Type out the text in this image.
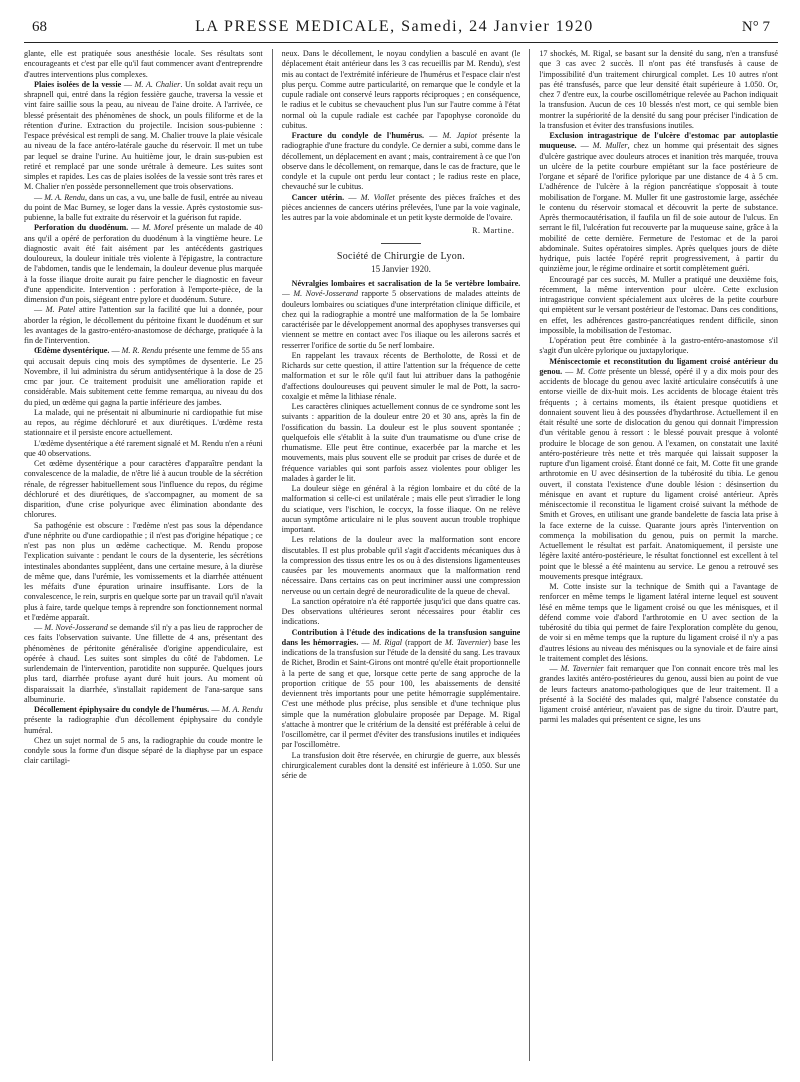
68	LA PRESSE MEDICALE, Samedi, 24 Janvier 1920	N° 7

glante, elle est pratiquée sous anesthésie locale. Ses résultats sont encourageants et c'est par elle qu'il faut commencer avant d'entreprendre d'autres interventions plus complexes.

Plaies isolées de la vessie — M. A. Chalier. Un soldat avait reçu un shrapnell qui, entré dans la région fessière gauche, traversa la vessie et vint faire saillie sous la peau, au niveau de l'aine droite. A l'arrivée, ce blessé présentait des phénomènes de shock, un pouls filiforme et de la rétention d'urine. Extraction du projectile. Incision sous-pubienne : l'espace prévésical est rempli de sang. M. Chalier trouve la plaie vésicale au niveau de la face antéro-latérale gauche du réservoir. Il met un tube par lequel se draine l'urine. Au huitième jour, le drain sus-pubien est retiré et remplacé par une sonde urétrale à demeure. Les suites sont simples et rapides. Les cas de plaies isolées de la vessie sont très rares et M. Chalier n'en possède personnellement que trois observations.

— M. A. Rendu, dans un cas, a vu, une balle de fusil, entrée au niveau du point de Mac Burney, se loger dans la vessie. Après cystostomie sus-pubienne, la balle fut extraite du réservoir et la guérison fut rapide.

Perforation du duodénum. — M. Morel présente un malade de 40 ans qu'il a opéré de perforation du duodénum à la vingtième heure. Le diagnostic avait été fait aisément par les antécédents gastriques douloureux, la douleur initiale très violente à l'épigastre, la contracture de l'abdomen, tandis que le lendemain, la douleur devenue plus marquée à la fosse iliaque droite aurait pu faire pencher le diagnostic en faveur d'une appendicite. Intervention : perforation à l'emporte-pièce, de la dimension d'un pois, siégeant entre pylore et duodénum. Suture.

— M. Patel attire l'attention sur la facilité que lui a donnée, pour aborder la région, le décollement du péritoine fixant le duodénum et sur les avantages de la gastro-entéro-anastomose de décharge, pratiquée à la fin de l'intervention.

Œdème dysentérique. — M. R. Rendu présente une femme de 55 ans qui accusait depuis cinq mois des symptômes de dysenterie. Le 25 Novembre, il lui administra du sérum antidysentérique à la dose de 25 cmc par jour. Ce traitement produisit une amélioration rapide et considérable. Mais subitement cette femme remarqua, au niveau du dos du pied, un œdème qui gagna la partie inférieure des jambes.

La malade, qui ne présentait ni albuminurie ni cardiopathie fut mise au repos, au régime déchloruré et aux diurétiques. L'œdème resta stationnaire et il persiste encore actuellement.

L'œdème dysentérique a été rarement signalé et M. Rendu n'en a réuni que 40 observations.

Cet œdème dysentérique a pour caractères d'apparaître pendant la convalescence de la maladie, de n'être lié à aucun trouble de la sécrétion rénale, de régresser habituellement sous l'influence du repos, du régime déchloruré et des diurétiques, de s'accompagner, au moment de sa disparition, d'une crise polyurique avec élimination abondante des chlorures.

Sa pathogénie est obscure : l'œdème n'est pas sous la dépendance d'une néphrite ou d'une cardiopathie ; il n'est pas d'origine hépatique ; ce n'est pas non plus un œdème cachectique. M. Rendu propose l'explication suivante : pendant le cours de la dysenterie, les sécrétions intestinales abondantes suppléent, dans une certaine mesure, à la diurèse de même que, dans l'urémie, les vomissements et la diarrhée atténuent les méfaits d'une épuration urinaire insuffisante. Lors de la convalescence, le rein, surpris en quelque sorte par un travail qu'il n'avait plus à faire, tarde quelque temps à reprendre son fonctionnement normal et l'œdème apparaît.

— M. Nové-Josserand se demande s'il n'y a pas lieu de rapprocher de ces faits l'observation suivante. Une fillette de 4 ans, présentant des phénomènes de péritonite généralisée d'origine appendiculaire, est opérée à chaud. Les suites sont simples du côté de l'abdomen. Le surlendemain de l'intervention, parotidite non suppurée. Quelques jours plus tard, diarrhée profuse ayant duré huit jours. Au moment où disparaissait la diarrhée, s'installait rapidement de l'ana-sarque sans albuminurie.

Décollement épiphysaire du condyle de l'humérus. — M. A. Rendu présente la radiographie d'un décollement épiphysaire du condyle huméral.

Chez un sujet normal de 5 ans, la radiographie du coude montre le condyle sous la forme d'un disque séparé de la diaphyse par un espace clair cartilagi-

neux. Dans le décollement, le noyau condylien a basculé en avant (le déplacement était antérieur dans les 3 cas recueillis par M. Rendu), s'est mis au contact de l'extrémité inférieure de l'humérus et l'espace clair n'est plus perçu. Comme autre particularité, on remarque que le condyle et la cupule radiale ont conservé leurs rapports réciproques ; en conséquence, le radius et le cubitus se chevauchent plus l'un sur l'autre comme à l'état normal où la cupule radiale est cachée par l'apophyse coronoïde du cubitus.

Fracture du condyle de l'humérus. — M. Japiot présente la radiographie d'une fracture du condyle. Ce dernier a subi, comme dans le décollement, un déplacement en avant ; mais, contrairement à ce que l'on observe dans le décollement, on remarque, dans le cas de fracture, que le condyle et la cupule ont perdu leur contact ; le radius reste en place, chevauché sur le cubitus.

Cancer utérin. — M. Viollet présente des pièces fraîches et des pièces anciennes de cancers utérins prélevées, l'une par la voie vaginale, les autres par la voie abdominale et un petit kyste dermoïde de l'ovaire.

R. Martine.
Société de Chirurgie de Lyon.
15 Janvier 1920.

Névralgies lombaires et sacralisation de la 5e vertèbre lombaire. — M. Nové-Josserand rapporte 5 observations de malades atteints de douleurs lombaires ou sciatiques d'une interprétation clinique difficile, et chez qui la radiographie a montré une malformation de la 5e lombaire caractérisée par le développement anormal des apophyses transverses qui viennent se mettre en contact avec l'os iliaque ou les ailerons sacrés et resserrer l'orifice de sortie du 5e nerf lombaire.

En rappelant les travaux récents de Bertholotte, de Rossi et de Richards sur cette question, il attire l'attention sur la fréquence de cette malformation et sur le rôle qu'il faut lui attribuer dans la pathogénie d'affections douloureuses qui peuvent simuler le mal de Pott, la sacro-coxalgie et même la lithiase rénale.

Les caractères cliniques actuellement connus de ce syndrome sont les suivants : apparition de la douleur entre 20 et 30 ans, après la fin de l'ossification du bassin. La douleur est le plus souvent spontanée ; quelquefois elle s'établit à la suite d'un traumatisme ou d'une crise de rhumatisme. Elle peut être continue, exacerbée par la marche et les mouvements, mais plus souvent elle se produit par crises de durée et de fréquence variables qui sont parfois assez violentes pour obliger les malades à garder le lit.

La douleur siège en général à la région lombaire et du côté de la malformation si celle-ci est unilatérale ; mais elle peut s'irradier le long du sciatique, vers l'ischion, le coccyx, la fosse iliaque. On ne relève aucun symptôme articulaire ni le plus souvent aucun trouble trophique important.

Les relations de la douleur avec la malformation sont encore discutables. Il est plus probable qu'il s'agit d'accidents mécaniques dus à la compression des tissus entre les os ou à des distensions ligamenteuses causées par les mouvements anormaux que la malformation rend nécessaire. Dans certains cas on peut incriminer aussi une compression nerveuse ou un certain degré de neuroradiculite de la queue de cheval.

La sanction opératoire n'a été rapportée jusqu'ici que dans quatre cas. Des observations ultérieures seront nécessaires pour établir ces indications.

Contribution à l'étude des indications de la transfusion sanguine dans les hémorragies. — M. Rigal (rapport de M. Tavernier) base les indications de la transfusion sur l'étude de la densité du sang. Les travaux de Richet, Brodin et Saint-Girons ont montré qu'elle était proportionnelle à la perte de sang et que, lorsque cette perte de sang approche de la proportion critique de 55 pour 100, les abaissements de densité deviennent très importants pour une petite hémorragie supplémentaire. C'est une méthode plus précise, plus sensible et d'une technique plus simple que la numération globulaire proposée par Depage. M. Rigal s'attache à montrer que le critérium de la densité est préférable à celui de l'oscillomètre, car il permet d'éviter des transfusions inutiles et indiquées par l'oscillomètre.

La transfusion doit être réservée, en chirurgie de guerre, aux blessés chirurgicalement curables dont la densité est inférieure à 1.050. Sur une série de

17 shockés, M. Rigal, se basant sur la densité du sang, n'en a transfusé que 3 cas avec 2 succès. Il n'ont pas été transfusés à cause de l'impossibilité d'un traitement chirurgical complet. Les 10 autres n'ont pas été transfusés, parce que leur densité était supérieure à 1.050. Or, chez 7 d'entre eux, la courbe oscillométrique relevée au Pachon indiquait la transfusion. Aucun de ces 10 blessés n'est mort, ce qui semble bien montrer la supériorité de la densité du sang pour préciser l'indication de la transfusion et éviter des transfusions inutiles.

Exclusion intragastrique de l'ulcère d'estomac par autoplastie muqueuse. — M. Muller, chez un homme qui présentait des signes d'ulcère gastrique avec douleurs atroces et inanition très marquée, trouva un ulcère de la petite courbure empiétant sur la face postérieure de l'organe et séparé de l'orifice pylorique par une distance de 4 à 5 cm. L'adhérence de l'ulcère à la région pancréatique s'opposait à toute mobilisation de l'organe. M. Muller fit une gastrostomie large, asséchée le contenu du réservoir stomacal et découvrit la perte de substance. Après thermocautérisation, il faufila un fil de soie autour de l'ulcus. En serrant le fil, l'ulcération fut recouverte par la muqueuse saine, grâce à la mobilité de cette dernière. Fermeture de l'estomac et de la paroi abdominale. Suites opératoires simples. Après quelques jours de diète hydrique, puis lactée l'opéré reprit progressivement, à partir du quinzième jour, le régime ordinaire et sortit complètement guéri.

Encouragé par ces succès, M. Muller a pratiqué une deuxième fois, récemment, la même intervention pour ulcère. Cette exclusion intragastrique convient spécialement aux ulcères de la petite courbure qui empiètent sur le versant postérieur de l'estomac. Dans ces conditions, en effet, les adhérences gastro-pancréatiques rendent difficile, sinon impossible, la mobilisation de l'estomac.

L'opération peut être combinée à la gastro-entéro-anastomose s'il s'agit d'un ulcère pylorique ou juxtapylorique.

Méniscectomie et reconstitution du ligament croisé antérieur du genou. — M. Cotte présente un blessé, opéré il y a dix mois pour des accidents de blocage du genou avec laxité articulaire consécutifs à une entorse vieille de dix-huit mois. Les accidents de blocage étaient très fréquents ; à certains moments, ils étaient presque quotidiens et donnaient souvent lieu à des poussées d'hydarthrose. Actuellement il en était résulté une sorte de dislocation du genou qui donnait l'impression d'un véritable genou à ressort : le blessé pouvait presque à volonté produire le blocage de son genou. A l'examen, on constatait une laxité antéro-postérieure très nette et très marquée qui laissait supposer la rupture d'un ligament croisé. Étant donné ce fait, M. Cotte fit une grande arthrotomie en U avec désinsertion de la tubérosité du tibia. Le genou ouvert, il constata l'existence d'une double lésion : désinsertion du ménisque en avant et rupture du ligament croisé antérieur. Après méniscectomie il reconstitua le ligament croisé suivant la méthode de Smith et Groves, en utilisant une grande bandelette de fascia lata prise à la face externe de la cuisse. Quarante jours après l'intervention on commença la mobilisation du genou, puis on permit la marche. Actuellement le résultat est parfait. Anatomiquement, il persiste une légère laxité antéro-postérieure, le résultat fonctionnel est excellent à tel point que le blessé a été maintenu au service. Le genou a retrouvé ses mouvements presque intégraux.

M. Cotte insiste sur la technique de Smith qui a l'avantage de renforcer en même temps le ligament latéral interne lequel est souvent lésé en même temps que le ligament croisé ou que les ménisques, et il défend comme voie d'abord l'arthrotomie en U avec section de la tubérosité du tibia qui permet de faire l'exploration complète du genou, de voir si en même temps que la rupture du ligament croisé il n'y a pas d'autres lésions au niveau des ménisques ou la synoviale et de faire ainsi le traitement complet des lésions.

— M. Tavernier fait remarquer que l'on connait encore très mal les grandes laxités antéro-postérieures du genou, aussi bien au point de vue de leurs facteurs anatomo-pathologiques que de leur traitement. Il a présenté à la Société des malades qui, malgré l'absence constatée du ligament croisé antérieur, n'avaient pas de signe du tiroir. D'autre part, parmi les malades qui présentent ce signe, les uns
